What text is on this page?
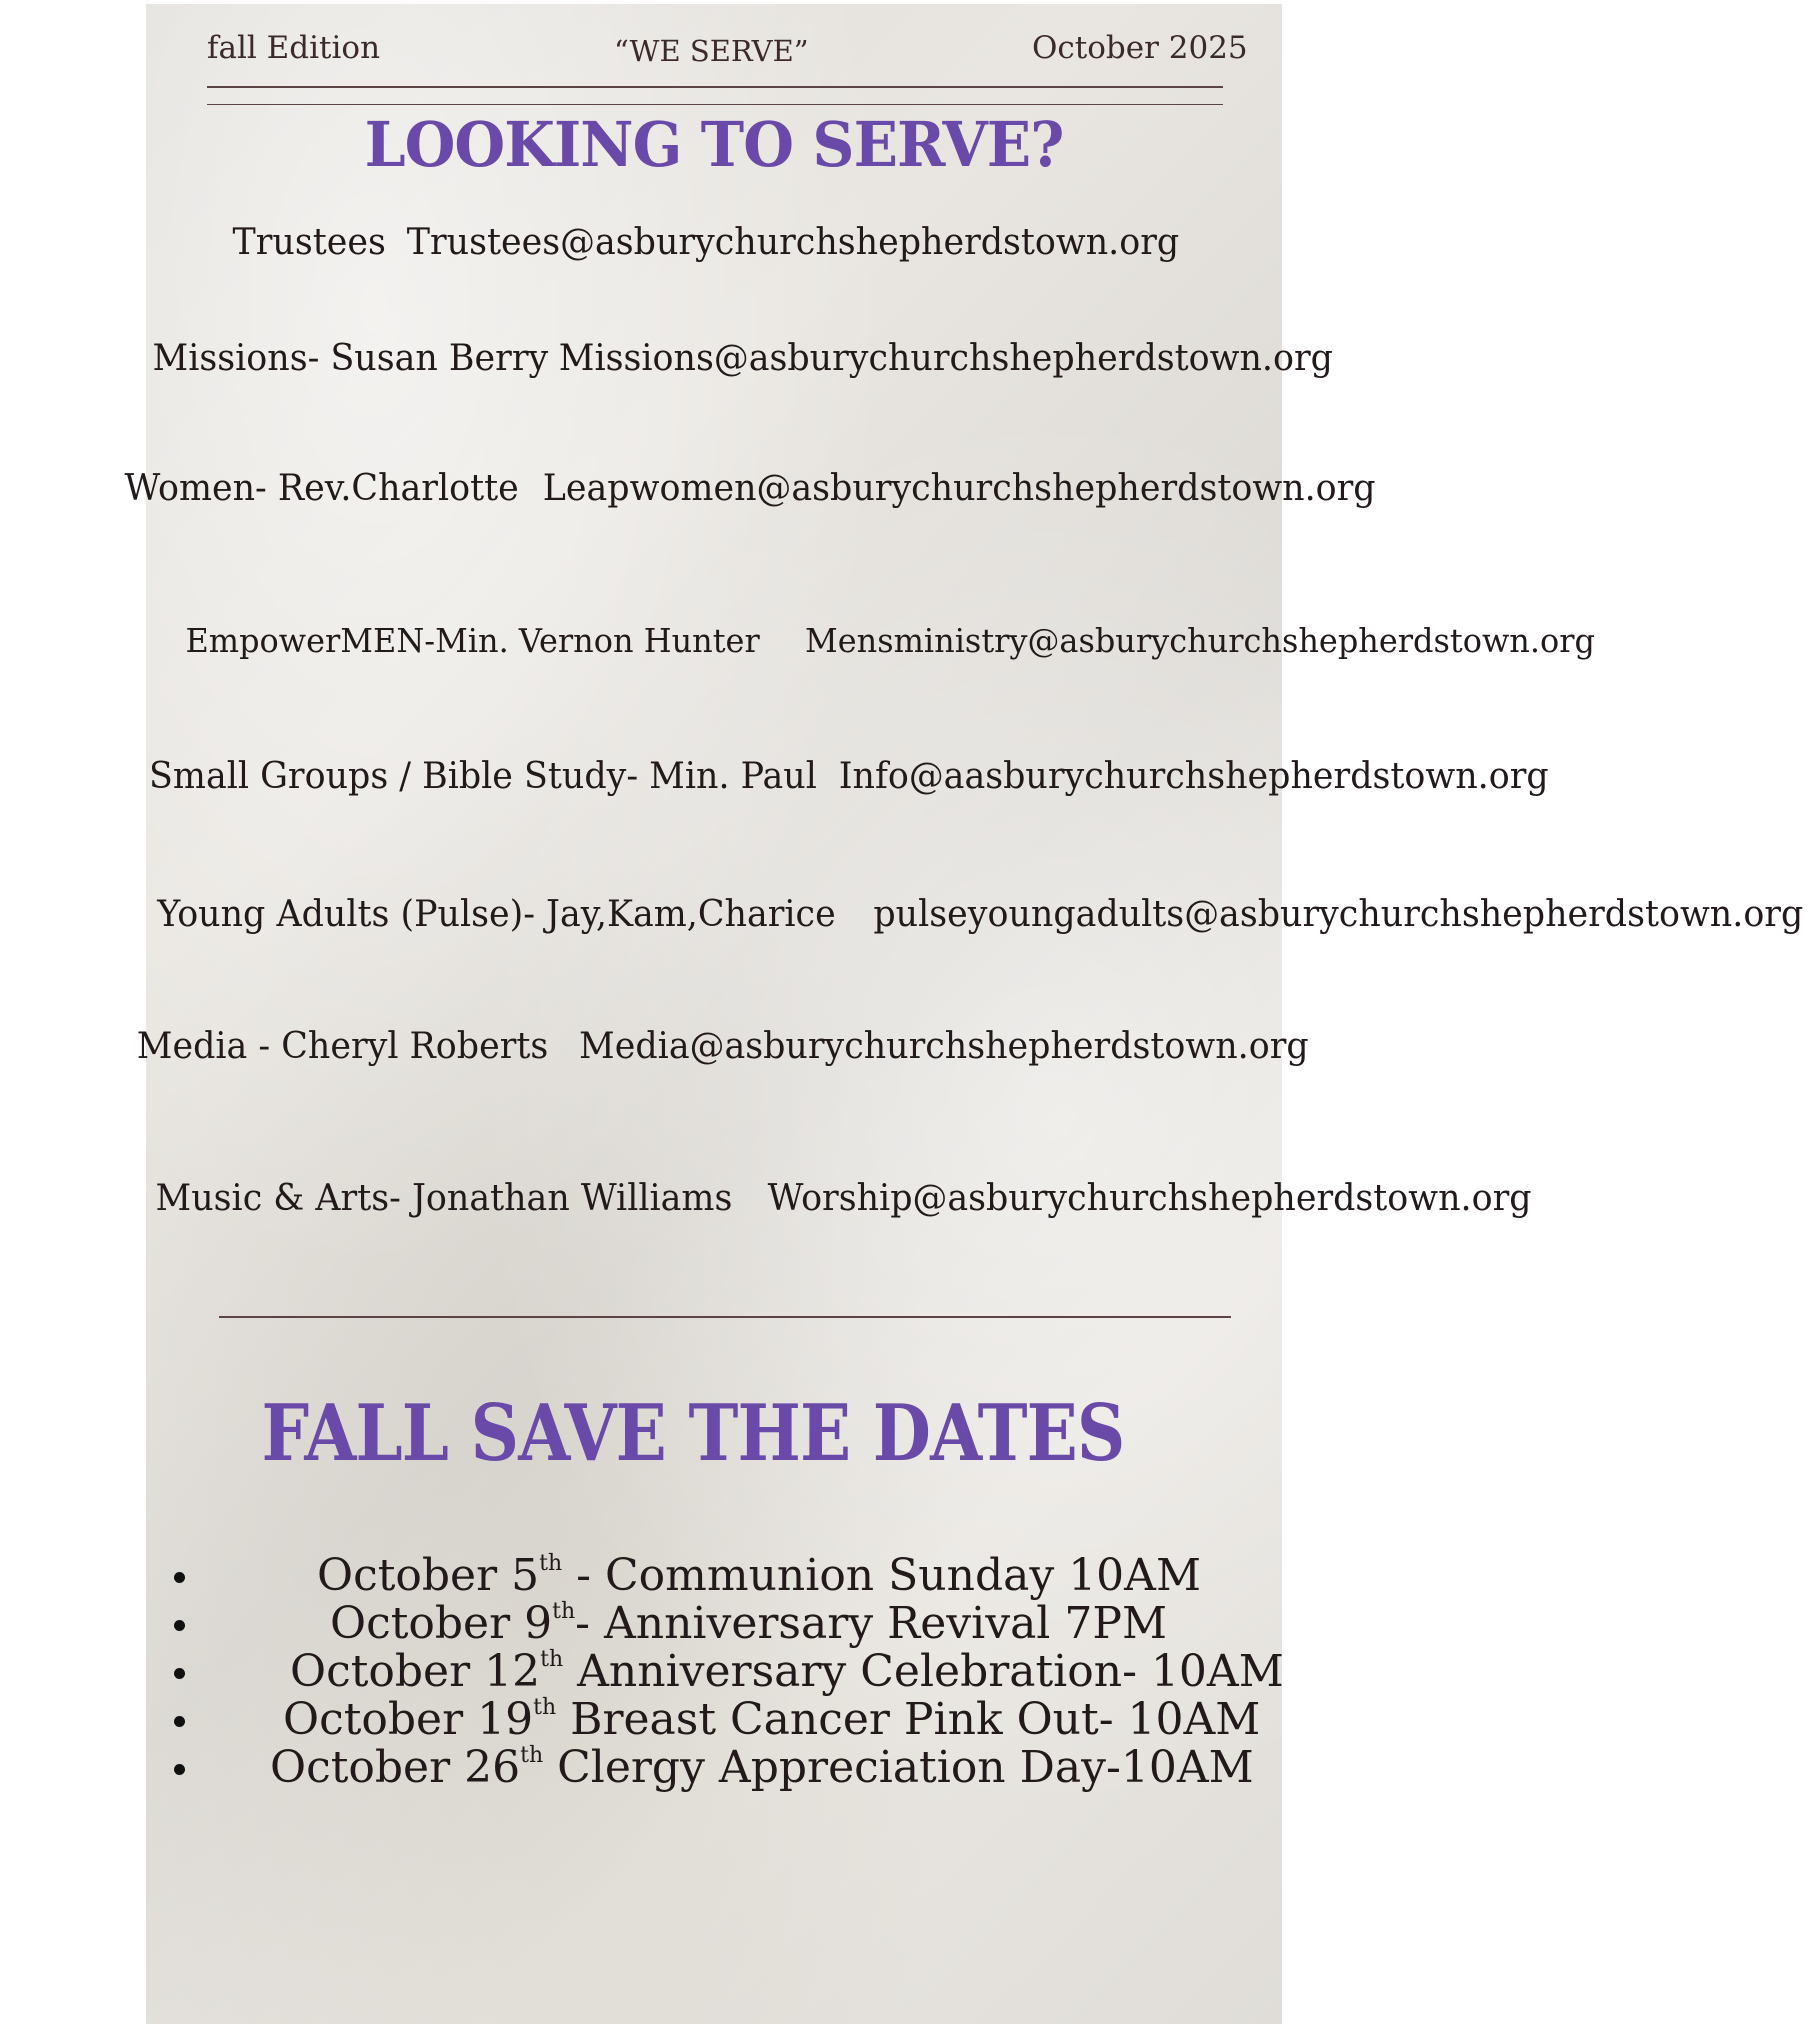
fall Edition	“WE SERVE”	October 2025
LOOKING TO SERVE?
Trustees Trustees@asburychurchshepherdstown.org
Missions- Susan Berry Missions@asburychurchshepherdstown.org
Women- Rev.Charlotte Leapwomen@asburychurchshepherdstown.org
EmpowerMEN-Min. Vernon Hunter Mensministry@asburychurchshepherdstown.org
Small Groups / Bible Study- Min. Paul Info@aasburychurchshepherdstown.org
Young Adults (Pulse)- Jay,Kam,Charice pulseyoungadults@asburychurchshepherdstown.org
Media - Cheryl Roberts Media@asburychurchshepherdstown.org
Music & Arts- Jonathan Williams Worship@asburychurchshepherdstown.org
FALL SAVE THE DATES
October 5th - Communion Sunday 10AM
October 9th- Anniversary Revival 7PM
October 12th Anniversary Celebration- 10AM
October 19th Breast Cancer Pink Out- 10AM
October 26th Clergy Appreciation Day-10AM
